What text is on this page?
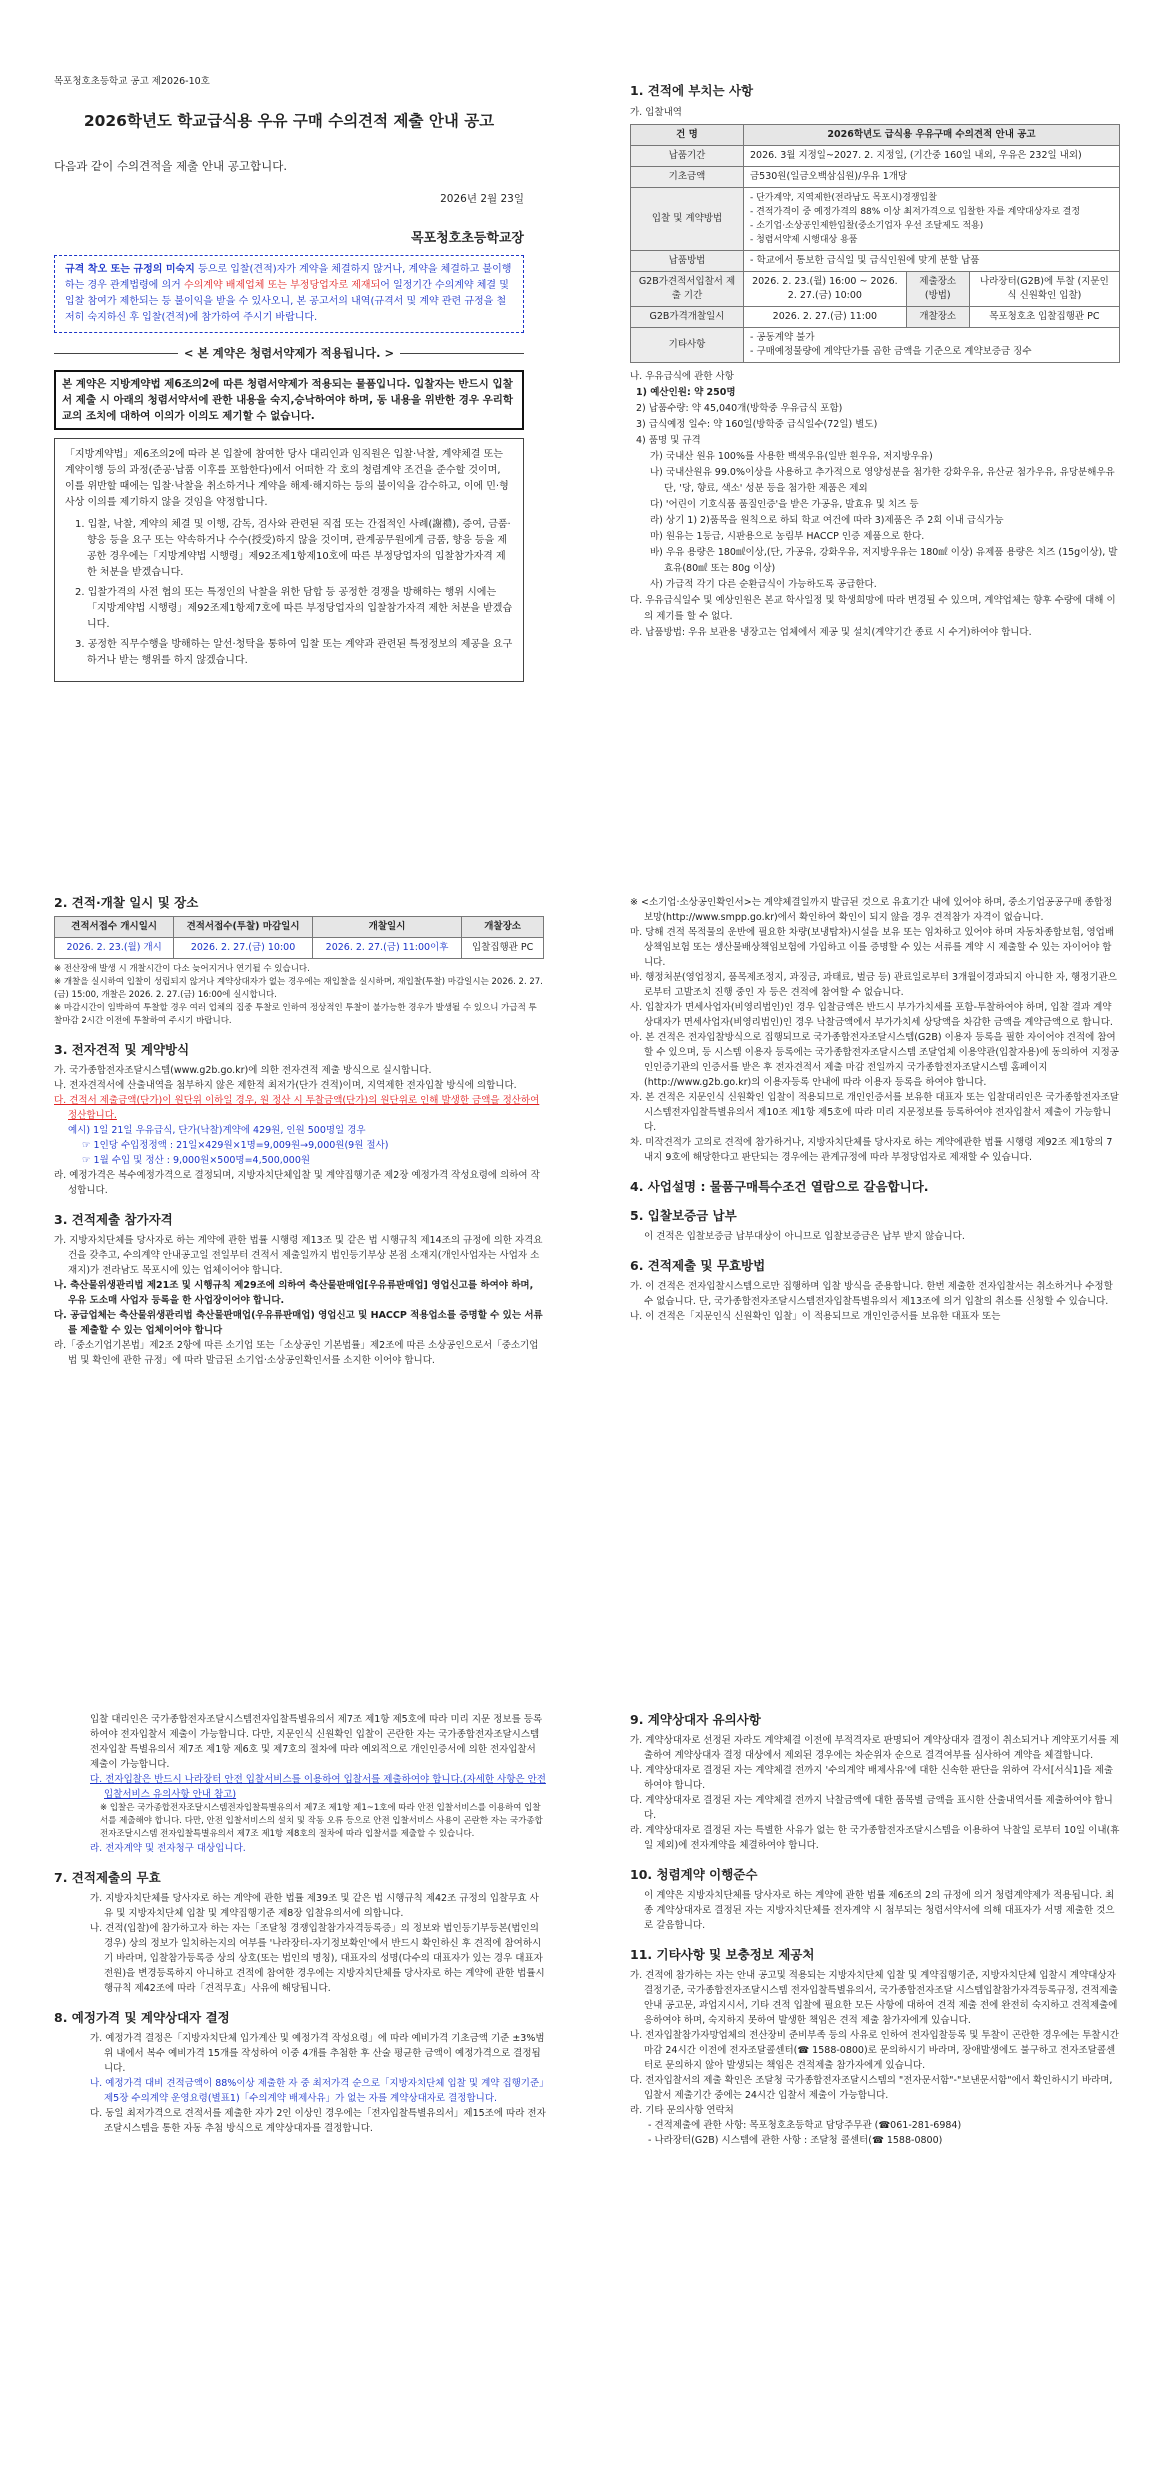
목포청호초등학교 공고 제2026-10호
2026학년도 학교급식용 우유 구매 수의견적 제출 안내 공고
다음과 같이 수의견적을 제출 안내 공고합니다.
2026년 2월 23일
목포청호초등학교장
규격 착오 또는 규정의 미숙지 등으로 입찰(견적)자가 계약을 체결하지 않거나, 계약을 체결하고 불이행하는 경우 관계법령에 의거 수의계약 배제업체 또는 부정당업자로 제재되어 일정기간 수의계약 체결 및 입찰 참여가 제한되는 등 불이익을 받을 수 있사오니, 본 공고서의 내역(규격서 및 계약 관련 규정을 철저히 숙지하신 후 입찰(견적)에 참가하여 주시기 바랍니다.
< 본 계약은 청렴서약제가 적용됩니다. >
본 계약은 지방계약법 제6조의2에 따른 청렴서약제가 적용되는 물품입니다. 입찰자는 반드시 입찰서 제출 시 아래의 청렴서약서에 관한 내용을 숙지,승낙하여야 하며, 동 내용을 위반한 경우 우리학교의 조치에 대하여 이의가 이의도 제기할 수 없습니다.
「지방계약법」제6조의2에 따라 본 입찰에 참여한 당사 대리인과 임직원은 입찰·낙찰, 계약체결 또는 계약이행 등의 과정(준공·납품 이후를 포함한다)에서 어떠한 각 호의 청렴계약 조건을 준수할 것이며, 이를 위반할 때에는 입찰·낙찰을 취소하거나 계약을 해제·해지하는 등의 불이익을 감수하고, 이에 민·형사상 이의를 제기하지 않을 것임을 약정합니다.
1. 입찰, 낙찰, 계약의 체결 및 이행, 감독, 검사와 관련된 직접 또는 간접적인 사례(謝禮), 증여, 금품·향응 등을 요구 또는 약속하거나 수수(授受)하지 않을 것이며, 관계공무원에게 금품, 향응 등을 제공한 경우에는「지방계약법 시행령」제92조제1항제10호에 따른 부정당업자의 입찰참가자격 제한 처분을 받겠습니다.
2. 입찰가격의 사전 협의 또는 특정인의 낙찰을 위한 담합 등 공정한 경쟁을 방해하는 행위 시에는「지방계약법 시행령」제92조제1항제7호에 따른 부정당업자의 입찰참가자격 제한 처분을 받겠습니다.
3. 공정한 직무수행을 방해하는 알선·청탁을 통하여 입찰 또는 계약과 관련된 특정정보의 제공을 요구하거나 받는 행위를 하지 않겠습니다.
1. 견적에 부치는 사항
가. 입찰내역
건 명	2026학년도 급식용 우유구매 수의견적 안내 공고		
납품기간	2026. 3월 지정일~2027. 2. 지정일, (기간중 160일 내외, 우유은 232일 내외)		
기초금액	금530원(일금오백삼십원)/우유 1개당		
입찰 및 계약방법	- 단가계약, 지역제한(전라남도 목포시)경쟁입찰
- 견적가격이 중 예정가격의 88% 이상 최저가격으로 입찰한 자를 계약대상자로 결정
- 소기업·소상공인제한입찰(중소기업자 우선 조달제도 적용)
- 청렴서약제 시행대상 용품		
납품방법	- 학교에서 통보한 급식일 및 급식인원에 맞게 분할 납품		
G2B가견적서입찰서 제출 기간	2026. 2. 23.(월) 16:00 ~ 2026. 2. 27.(금) 10:00	제출장소 (방법)	나라장터(G2B)에 투찰 (지문인식 신원확인 입찰)
G2B가격개찰일시	2026. 2. 27.(금) 11:00	개찰장소	목포청호초 입찰집행관 PC
기타사항	- 공동계약 불가
- 구매예정물량에 계약단가를 곱한 금액을 기준으로 계약보증금 징수		
나. 우유급식에 관한 사항
1) 예산인원: 약 250명
2) 납품수량: 약 45,040개(방학중 우유급식 포함)
3) 급식예정 일수: 약 160일(방학중 급식일수(72일) 별도)
4) 품명 및 규격
가) 국내산 원유 100%를 사용한 백색우유(일반 흰우유, 저지방우유)
나) 국내산원유 99.0%이상을 사용하고 추가적으로 영양성분을 첨가한 강화우유, 유산균 첨가우유, 유당분해우유 단, '당, 향료, 색소' 성분 등을 첨가한 제품은 제외
다) '어린이 기호식품 품질인증'을 받은 가공유, 발효유 및 치즈 등
라) 상기 1) 2)품목을 원칙으로 하되 학교 여건에 따라 3)제품은 주 2회 이내 급식가능
마) 원유는 1등급, 시판용으로 농림부 HACCP 인증 제품으로 한다.
바) 우유 용량은 180㎖이상,(단, 가공유, 강화우유, 저지방우유는 180㎖ 이상) 유제품 용량은 치즈 (15g이상), 발효유(80㎖ 또는 80g 이상)
사) 가급적 각기 다른 순환급식이 가능하도록 공급한다.
다. 우유급식일수 및 예상인원은 본교 학사일정 및 학생희망에 따라 변경될 수 있으며, 계약업체는 향후 수량에 대해 이의 제기를 할 수 없다.
라. 납품방법: 우유 보관용 냉장고는 업체에서 제공 및 설치(계약기간 종료 시 수거)하여야 합니다.
2. 견적·개찰 일시 및 장소
견적서접수 개시일시	견적서접수(투찰) 마감일시	개찰일시	개찰장소
2026. 2. 23.(월) 개시	2026. 2. 27.(금) 10:00	2026. 2. 27.(금) 11:00이후	입찰집행관 PC
※ 전산장애 발생 시 개찰시간이 다소 늦어지거나 연기될 수 있습니다.
※ 개찰을 실시하여 입찰이 성립되지 않거나 계약상대자가 없는 경우에는 재입찰을 실시하며, 재입찰(투찰) 마감일시는 2026. 2. 27.(금) 15:00, 개찰은 2026. 2. 27.(금) 16:00에 실시합니다.
※ 마감시간이 임박하여 투찰할 경우 여러 업체의 집중 투찰로 인하여 정상적인 투찰이 불가능한 경우가 발생될 수 있으니 가급적 투찰마감 2시간 이전에 투찰하여 주시기 바랍니다.
3. 전자견적 및 계약방식
가. 국가종합전자조달시스템(www.g2b.go.kr)에 의한 전자견적 제출 방식으로 실시합니다.
나. 전자견적서에 산출내역을 첨부하지 않은 제한적 최저가(단가 견적)이며, 지역제한 전자입찰 방식에 의합니다.
다. 견적서 제출금액(단가)이 원단위 이하일 경우, 원 정산 시 투찰금액(단가)의 원단위로 인해 발생한 금액을 정산하여 정산합니다.
예시) 1일 21일 우유급식, 단가(낙찰)계약에 429원, 인원 500명일 경우
☞ 1인당 수입정정액 : 21일×429원×1명=9,009원→9,000원(9원 절사)
☞ 1월 수입 및 정산 : 9,000원×500명=4,500,000원
라. 예정가격은 복수예정가격으로 결정되며, 지방자치단체입찰 및 계약집행기준 제2장 예정가격 작성요령에 의하여 작성합니다.
3. 견적제출 참가자격
가. 지방자치단체를 당사자로 하는 계약에 관한 법률 시행령 제13조 및 같은 법 시행규칙 제14조의 규정에 의한 자격요건을 갖추고, 수의계약 안내공고일 전일부터 견적서 제출일까지 법인등기부상 본점 소재지(개인사업자는 사업자 소재지)가 전라남도 목포시에 있는 업체이어야 합니다.
나. 축산물위생관리법 제21조 및 시행규칙 제29조에 의하여 축산물판매업[우유류판매업] 영업신고를 하여야 하며, 우유 도소매 사업자 등록을 한 사업장이어야 합니다.
다. 공급업체는 축산물위생관리법 축산물판매업(우유류판매업) 영업신고 및 HACCP 적용업소를 증명할 수 있는 서류를 제출할 수 있는 업체이어야 합니다
라.「중소기업기본법」제2조 2항에 따른 소기업 또는「소상공인 기본법률」제2조에 따른 소상공인으로서「중소기업법 및 확인에 관한 규정」에 따라 발급된 소기업·소상공인확인서를 소지한 이어야 합니다.
※ <소기업·소상공인확인서>는 계약체결일까지 발급된 것으로 유효기간 내에 있어야 하며, 중소기업공공구매 종합정보망(http://www.smpp.go.kr)에서 확인하여 확인이 되지 않을 경우 견적참가 자격이 없습니다.
마. 당해 견적 목적물의 운반에 필요한 차량(보냉탑차)시설을 보유 또는 임차하고 있어야 하며 자동차종합보험, 영업배상책임보험 또는 생산물배상책임보험에 가입하고 이를 증명할 수 있는 서류를 계약 시 제출할 수 있는 자이어야 합니다.
바. 행정처분(영업정지, 품목제조정지, 과징금, 과태료, 벌금 등) 관료일로부터 3개월이경과되지 아니한 자, 행정기관으로부터 고발조치 진행 중인 자 등은 견적에 참여할 수 없습니다.
사. 입찰자가 면세사업자(비영리법인)인 경우 입찰금액은 반드시 부가가치세를 포함-투찰하여야 하며, 입찰 결과 계약상대자가 면세사업자(비영리법인)인 경우 낙찰금액에서 부가가치세 상당액을 차감한 금액을 계약금액으로 합니다.
아. 본 견적은 전자입찰방식으로 집행되므로 국가종합전자조달시스템(G2B) 이용자 등록을 필한 자이어야 견적에 참여할 수 있으며, 등 시스템 이용자 등록에는 국가종합전자조달시스템 조달업체 이용약관(입찰자용)에 동의하여 지정공인인증기관의 인증서를 받은 후 전자견적서 제출 마감 전일까지 국가종합전자조달시스템 홈페이지(http://www.g2b.go.kr)의 이용자등록 안내에 따라 이용자 등록을 하여야 합니다.
자. 본 견적은 지문인식 신원확인 입찰이 적용되므로 개인인증서를 보유한 대표자 또는 입찰대리인은 국가종합전자조달시스템전자입찰특별유의서 제10조 제1항 제5호에 따라 미리 지문정보를 등록하여야 전자입찰서 제출이 가능합니다.
차. 미작견적가 고의로 견적에 참가하거나, 지방자치단체를 당사자로 하는 계약에관한 법률 시행령 제92조 제1항의 7내지 9호에 해당한다고 판단되는 경우에는 관계규정에 따라 부정당업자로 제재할 수 있습니다.
4. 사업설명 : 물품구매특수조건 열람으로 갈음합니다.
5. 입찰보증금 납부
이 견적은 입찰보증금 납부대상이 아니므로 입찰보증금은 납부 받지 않습니다.
6. 견적제출 및 무효방법
가. 이 견적은 전자입찰시스템으로만 집행하며 입찰 방식을 준용합니다. 한번 제출한 전자입찰서는 취소하거나 수정할 수 없습니다. 단, 국가종합전자조달시스템전자입찰특별유의서 제13조에 의거 입찰의 취소를 신청할 수 있습니다.
나. 이 견적은「지문인식 신원확인 입찰」이 적용되므로 개인인증서를 보유한 대표자 또는
입찰 대리인은 국가종합전자조달시스템전자입찰특별유의서 제7조 제1항 제5호에 따라 미리 지문 정보를 등록하여야 전자입찰서 제출이 가능합니다. 다만, 지문인식 신원확인 입찰이 곤란한 자는 국가종합전자조달시스템 전자입찰 특별유의서 제7조 제1항 제6호 및 제7호의 절차에 따라 예외적으로 개인인증서에 의한 전자입찰서 제출이 가능합니다.
다. 전자입찰은 반드시 나라장터 안전 입찰서비스를 이용하여 입찰서를 제출하여야 합니다.(자세한 사항은 안전 입찰서비스 유의사항 안내 참고)
※ 입찰은 국가종합전자조달시스템전자입찰특별유의서 제7조 제1항 제1~1호에 따라 안전 입찰서비스를 이용하여 입찰서를 제출해야 합니다. 다만, 안전 입찰서비스의 설치 및 작동 오류 등으로 안전 입찰서비스 사용이 곤란한 자는 국가종합전자조달시스템 전자입찰특별유의서 제7조 제1항 제8호의 절차에 따라 입찰서를 제출할 수 있습니다.
라. 전자계약 및 전자청구 대상입니다.
7. 견적제출의 무효
가. 지방자치단체를 당사자로 하는 계약에 관한 법률 제39조 및 같은 법 시행규칙 제42조 규정의 입찰무효 사유 및 지방자치단체 입찰 및 계약집행기준 제8장 입찰유의서에 의합니다.
나. 견적(입찰)에 참가하고자 하는 자는「조달청 경쟁입찰참가자격등록증」의 정보와 법인등기부등본(법인의 경우) 상의 정보가 일치하는지의 여부를 '나라장터-자기정보확인'에서 반드시 확인하신 후 견적에 참여하시기 바라며, 입찰참가등록증 상의 상호(또는 법인의 명칭), 대표자의 성명(다수의 대표자가 있는 경우 대표자 전원)을 변경등록하지 아니하고 견적에 참여한 경우에는 지방자치단체를 당사자로 하는 계약에 관한 법률시행규칙 제42조에 따라「견적무효」사유에 해당됩니다.
8. 예정가격 및 계약상대자 결정
가. 예정가격 결정은「지방자치단체 입가계산 및 예정가격 작성요령」에 따라 예비가격 기초금액 기준 ±3%범위 내에서 복수 예비가격 15개를 작성하여 이중 4개를 추첨한 후 산술 평균한 금액이 예정가격으로 결정됩니다.
나. 예정가격 대비 견적금액이 88%이상 제출한 자 중 최저가격 순으로「지방자치단체 입찰 및 계약 집행기준」제5장 수의계약 운영요령(별표1)「수의계약 배제사유」가 없는 자를 계약상대자로 결정합니다.
다. 동일 최저가격으로 견적서를 제출한 자가 2인 이상인 경우에는「전자입찰특별유의서」제15조에 따라 전자조달시스템을 통한 자동 추첨 방식으로 계약상대자를 결정합니다.
9. 계약상대자 유의사항
가. 계약상대자로 선정된 자라도 계약체결 이전에 부적격자로 판명되어 계약상대자 결정이 취소되거나 계약포기서를 제출하여 계약상대자 결정 대상에서 제외된 경우에는 차순위자 순으로 결격여부를 심사하여 계약을 체결합니다.
나. 계약상대자로 결정된 자는 계약체결 전까지 '수의계약 배제사유'에 대한 신속한 판단을 위하여 각서[서식1]을 제출하여야 합니다.
다. 계약상대자로 결정된 자는 계약체결 전까지 낙찰금액에 대한 품목별 금액을 표시한 산출내역서를 제출하여야 합니다.
라. 계약상대자로 결정된 자는 특별한 사유가 없는 한 국가종합전자조달시스템을 이용하여 낙찰일 로부터 10일 이내(휴일 제외)에 전자계약을 체결하여야 합니다.
10. 청렴계약 이행준수
이 계약은 지방자치단체를 당사자로 하는 계약에 관한 법률 제6조의 2의 규정에 의거 청렴계약제가 적용됩니다. 최종 계약상대자로 결정된 자는 지방자치단체를 전자계약 시 첨부되는 청렴서약서에 의해 대표자가 서명 제출한 것으로 갈음합니다.
11. 기타사항 및 보충정보 제공처
가. 견적에 참가하는 자는 안내 공고및 적용되는 지방자치단체 입찰 및 계약집행기준, 지방자치단체 입찰시 계약대상자 결정기준, 국가종합전자조달시스템 전자입찰특별유의서, 국가종합전자조달 시스템입찰참가자격등록규정, 견적제출 안내 공고문, 과업지시서, 기타 견적 입찰에 필요한 모든 사항에 대하여 견적 제출 전에 완전히 숙지하고 견적제출에 응하여야 하며, 숙지하지 못하여 발생한 책임은 견적 제출 참가자에게 있습니다.
나. 전자입찰참가자망업체의 전산장비 준비부족 등의 사유로 인하여 전자입찰등록 및 투찰이 곤란한 경우에는 투찰시간 마감 24시간 이전에 전자조달콜센터(☎ 1588-0800)로 문의하시기 바라며, 장애발생에도 불구하고 전자조달콜센터로 문의하지 않아 발생되는 책임은 견적제출 참가자에게 있습니다.
다. 전자입찰서의 제출 확인은 조달청 국가종합전자조달시스템의 "전자문서함"-"보낸문서함"에서 확인하시기 바라며, 입찰서 제출기간 중에는 24시간 입찰서 제출이 가능합니다.
라. 기타 문의사항 연락처
- 견적제출에 관한 사항: 목포청호초등학교 담당주무관 (☎061-281-6984)
- 나라장터(G2B) 시스템에 관한 사항 : 조달청 콜센터(☎ 1588-0800)
